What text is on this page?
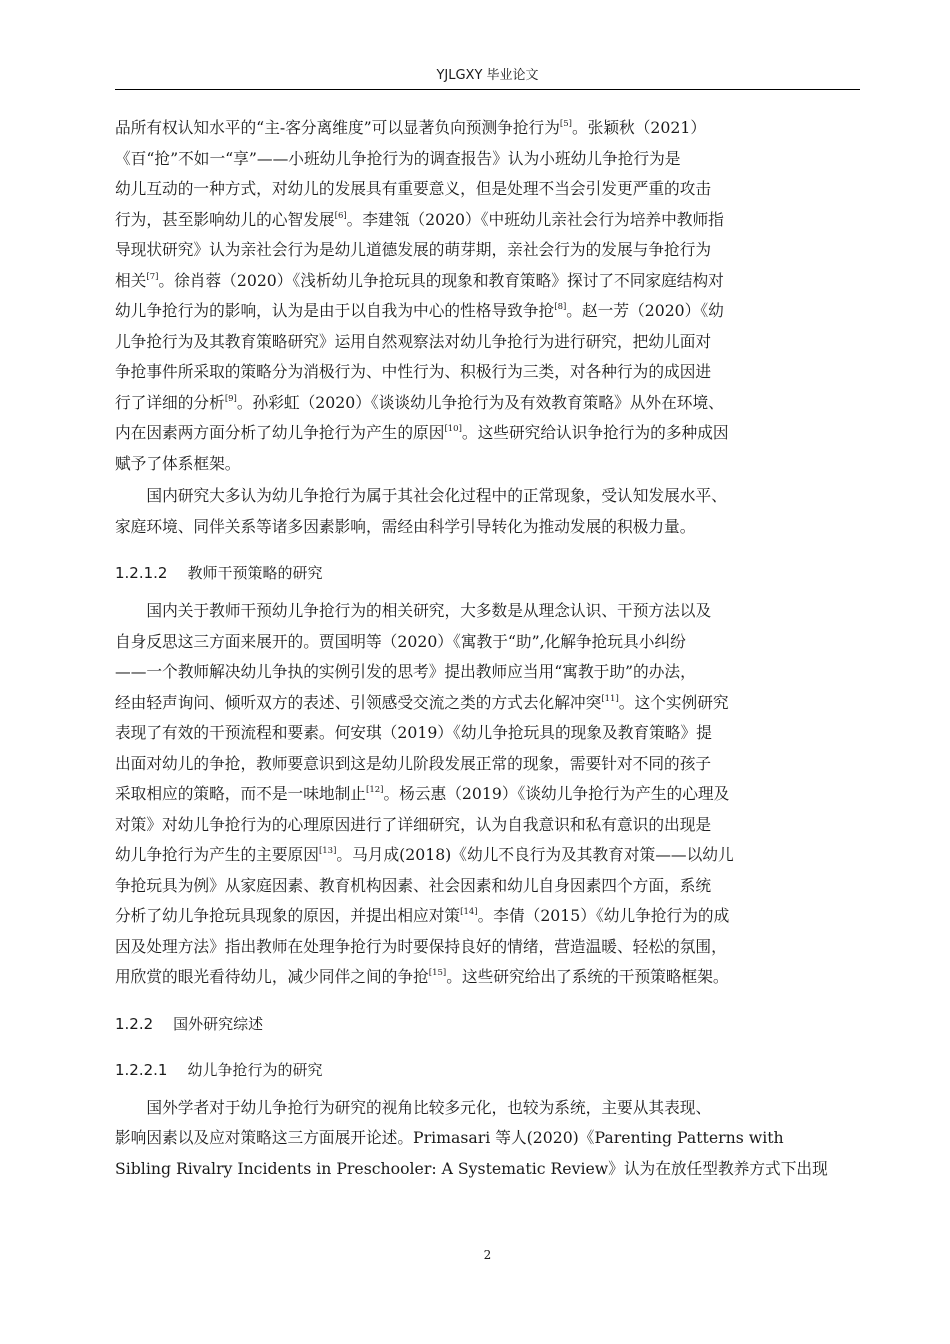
YJLGXY 毕业论文
品所有权认知水平的“主-客分离维度”可以显著负向预测争抢行为[5]。张颖秋（2021）
《百“抢”不如一“享”——小班幼儿争抢行为的调查报告》认为小班幼儿争抢行为是
幼儿互动的一种方式，对幼儿的发展具有重要意义，但是处理不当会引发更严重的攻击
行为，甚至影响幼儿的心智发展[6]。李建瓴（2020）《中班幼儿亲社会行为培养中教师指
导现状研究》认为亲社会行为是幼儿道德发展的萌芽期，亲社会行为的发展与争抢行为
相关[7]。徐肖蓉（2020）《浅析幼儿争抢玩具的现象和教育策略》探讨了不同家庭结构对
幼儿争抢行为的影响，认为是由于以自我为中心的性格导致争抢[8]。赵一芳（2020）《幼
儿争抢行为及其教育策略研究》运用自然观察法对幼儿争抢行为进行研究，把幼儿面对
争抢事件所采取的策略分为消极行为、中性行为、积极行为三类，对各种行为的成因进
行了详细的分析[9]。孙彩虹（2020）《谈谈幼儿争抢行为及有效教育策略》从外在环境、
内在因素两方面分析了幼儿争抢行为产生的原因[10]。这些研究给认识争抢行为的多种成因
赋予了体系框架。
国内研究大多认为幼儿争抢行为属于其社会化过程中的正常现象，受认知发展水平、
家庭环境、同伴关系等诸多因素影响，需经由科学引导转化为推动发展的积极力量。
1.2.1.2 教师干预策略的研究
国内关于教师干预幼儿争抢行为的相关研究，大多数是从理念认识、干预方法以及
自身反思这三方面来展开的。贾国明等（2020）《寓教于“助”,化解争抢玩具小纠纷
——一个教师解决幼儿争执的实例引发的思考》提出教师应当用“寓教于助”的办法，
经由轻声询问、倾听双方的表述、引领感受交流之类的方式去化解冲突[11]。这个实例研究
表现了有效的干预流程和要素。何安琪（2019）《幼儿争抢玩具的现象及教育策略》提
出面对幼儿的争抢，教师要意识到这是幼儿阶段发展正常的现象，需要针对不同的孩子
采取相应的策略，而不是一味地制止[12]。杨云惠（2019）《谈幼儿争抢行为产生的心理及
对策》对幼儿争抢行为的心理原因进行了详细研究，认为自我意识和私有意识的出现是
幼儿争抢行为产生的主要原因[13]。马月成(2018)《幼儿不良行为及其教育对策——以幼儿
争抢玩具为例》从家庭因素、教育机构因素、社会因素和幼儿自身因素四个方面，系统
分析了幼儿争抢玩具现象的原因，并提出相应对策[14]。李倩（2015）《幼儿争抢行为的成
因及处理方法》指出教师在处理争抢行为时要保持良好的情绪，营造温暖、轻松的氛围，
用欣赏的眼光看待幼儿，减少同伴之间的争抢[15]。这些研究给出了系统的干预策略框架。
1.2.2 国外研究综述
1.2.2.1 幼儿争抢行为的研究
国外学者对于幼儿争抢行为研究的视角比较多元化，也较为系统，主要从其表现、
影响因素以及应对策略这三方面展开论述。Primasari 等人(2020)《Parenting Patterns with
Sibling Rivalry Incidents in Preschooler: A Systematic Review》认为在放任型教养方式下出现
2
